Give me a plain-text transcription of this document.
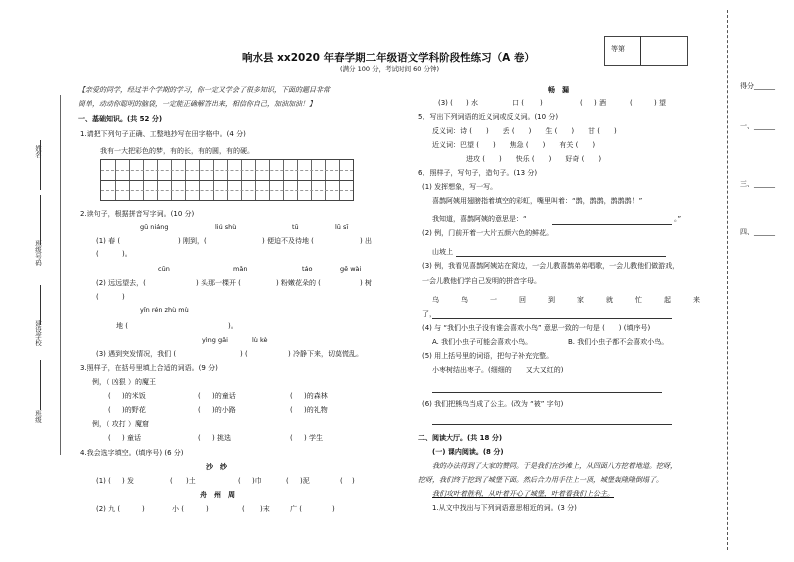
姓名
班级号码
建设学校
班级
得分______
一、______
三、______
四、______
响水县 xx2020 年春学期二年级语文学科阶段性练习（A 卷）
(满分 100 分，考试时间 60 分钟)
等第
【亲爱的同学，经过半个学期的学习，你一定又学会了很多知识，下面的题目非常
简单，动动你聪明的脑袋，一定能正确解答出来，相信你自己，加油加油！】
一、基础知识。(共 52 分)
1.请把下列句子正确、工整地抄写在田字格中。(4 分)
我有一大把彩色的梦，有的长，有的圆，有的硬。
2.读句子，根据拼音写字词。(10 分)
gū niáng	liú shù	tū	lū sī
(1) 春 (	) 刚到，(	) 便迫不及待地 (	) 出
(	)。
cūn	mǎn	táo	gē wài
(2) 远远望去，(	) 头那一棵开 (	) 粉嫩花朵的 (	) 树
(	)
yǐn rén zhù mù
地 (	)。
yìng gǎi	lù kè
(3) 遇到突发情况，我们 (	) (	) 冷静下来，切莫慌乱。
3.照样子，在括号里填上合适的词语。(9 分)
例，（ 凶狠 ）的魔王
( )的米饭	( )的童话	( )的森林
( )的野花	( )的小路	( )的礼物
例，（ 攻打 ）魔窟
( ) 童话	( ) 挑选	( ) 学生
4.我会选字填空。(填序号) (6 分)
沙　纱
(1) ( ) 发	( )土	( )巾	( )泥	( )
舟　州　周
(2) 九 (	)	小 (	)	( )末	广 (	)
畅　漏
(3) ( ) 水	口 ( )	( ) 酒	(	) 望
5．写出下列词语的近义词或反义词。(10 分)
反义词：诗 (　　)　　丢 (　　)　　生 (　　)　　甘 (　　)
近义词：巴望 (　　)　　焦急 (　　)　　有关 (　　)
进攻 (　　)　　快乐 (　　)　　好奇 (　　)
6．照样子，写句子，造句子。(13 分)
(1) 发挥想象，写一写。
喜鹊阿姨用翅膀指着填空的彩虹，嘴里叫着：“鹊，鹊鹊，鹊鹊鹊！”
我知道，喜鹊阿姨的意思是：“	。”
(2) 例，门前开着一大片五颜六色的鲜花。
山坡上
(3) 例，我看见喜鹊阿姨站在窝边，一会儿教喜鹊弟弟唱歌，一会儿教他们做游戏，
一会儿教他们学自己发明的拼音字母。
乌	鸟	一	回	到	家	就	忙	起	来
了，
(4) 与 “我们小虫子没有谁会喜欢小鸟” 意思一致的一句是 (　　) (填序号)
A. 我们小虫子可能会喜欢小鸟。	B. 我们小虫子都不会喜欢小鸟。
(5) 用上括号里的词语，把句子补充完整。
小枣树结出枣子。(细细的　　又大又红的)
(6) 我们把熊鸟当成了公主。(改为 “被” 字句)
二、阅读大厅。(共 18 分)
(一) 课内阅读。(8 分)
我的办法得到了大家的赞同。于是我们在沙滩上，从四面八方挖着地道。挖呀，
挖呀，我们终于挖到了城堡下面。然后合力用手往上一顶，城堡轰隆隆倒塌了。
我们攻叶着胜利，从叶着开心了城堡，叶着看我们上公主。
1.从文中找出与下列词语意思相近的词。(3 分)
